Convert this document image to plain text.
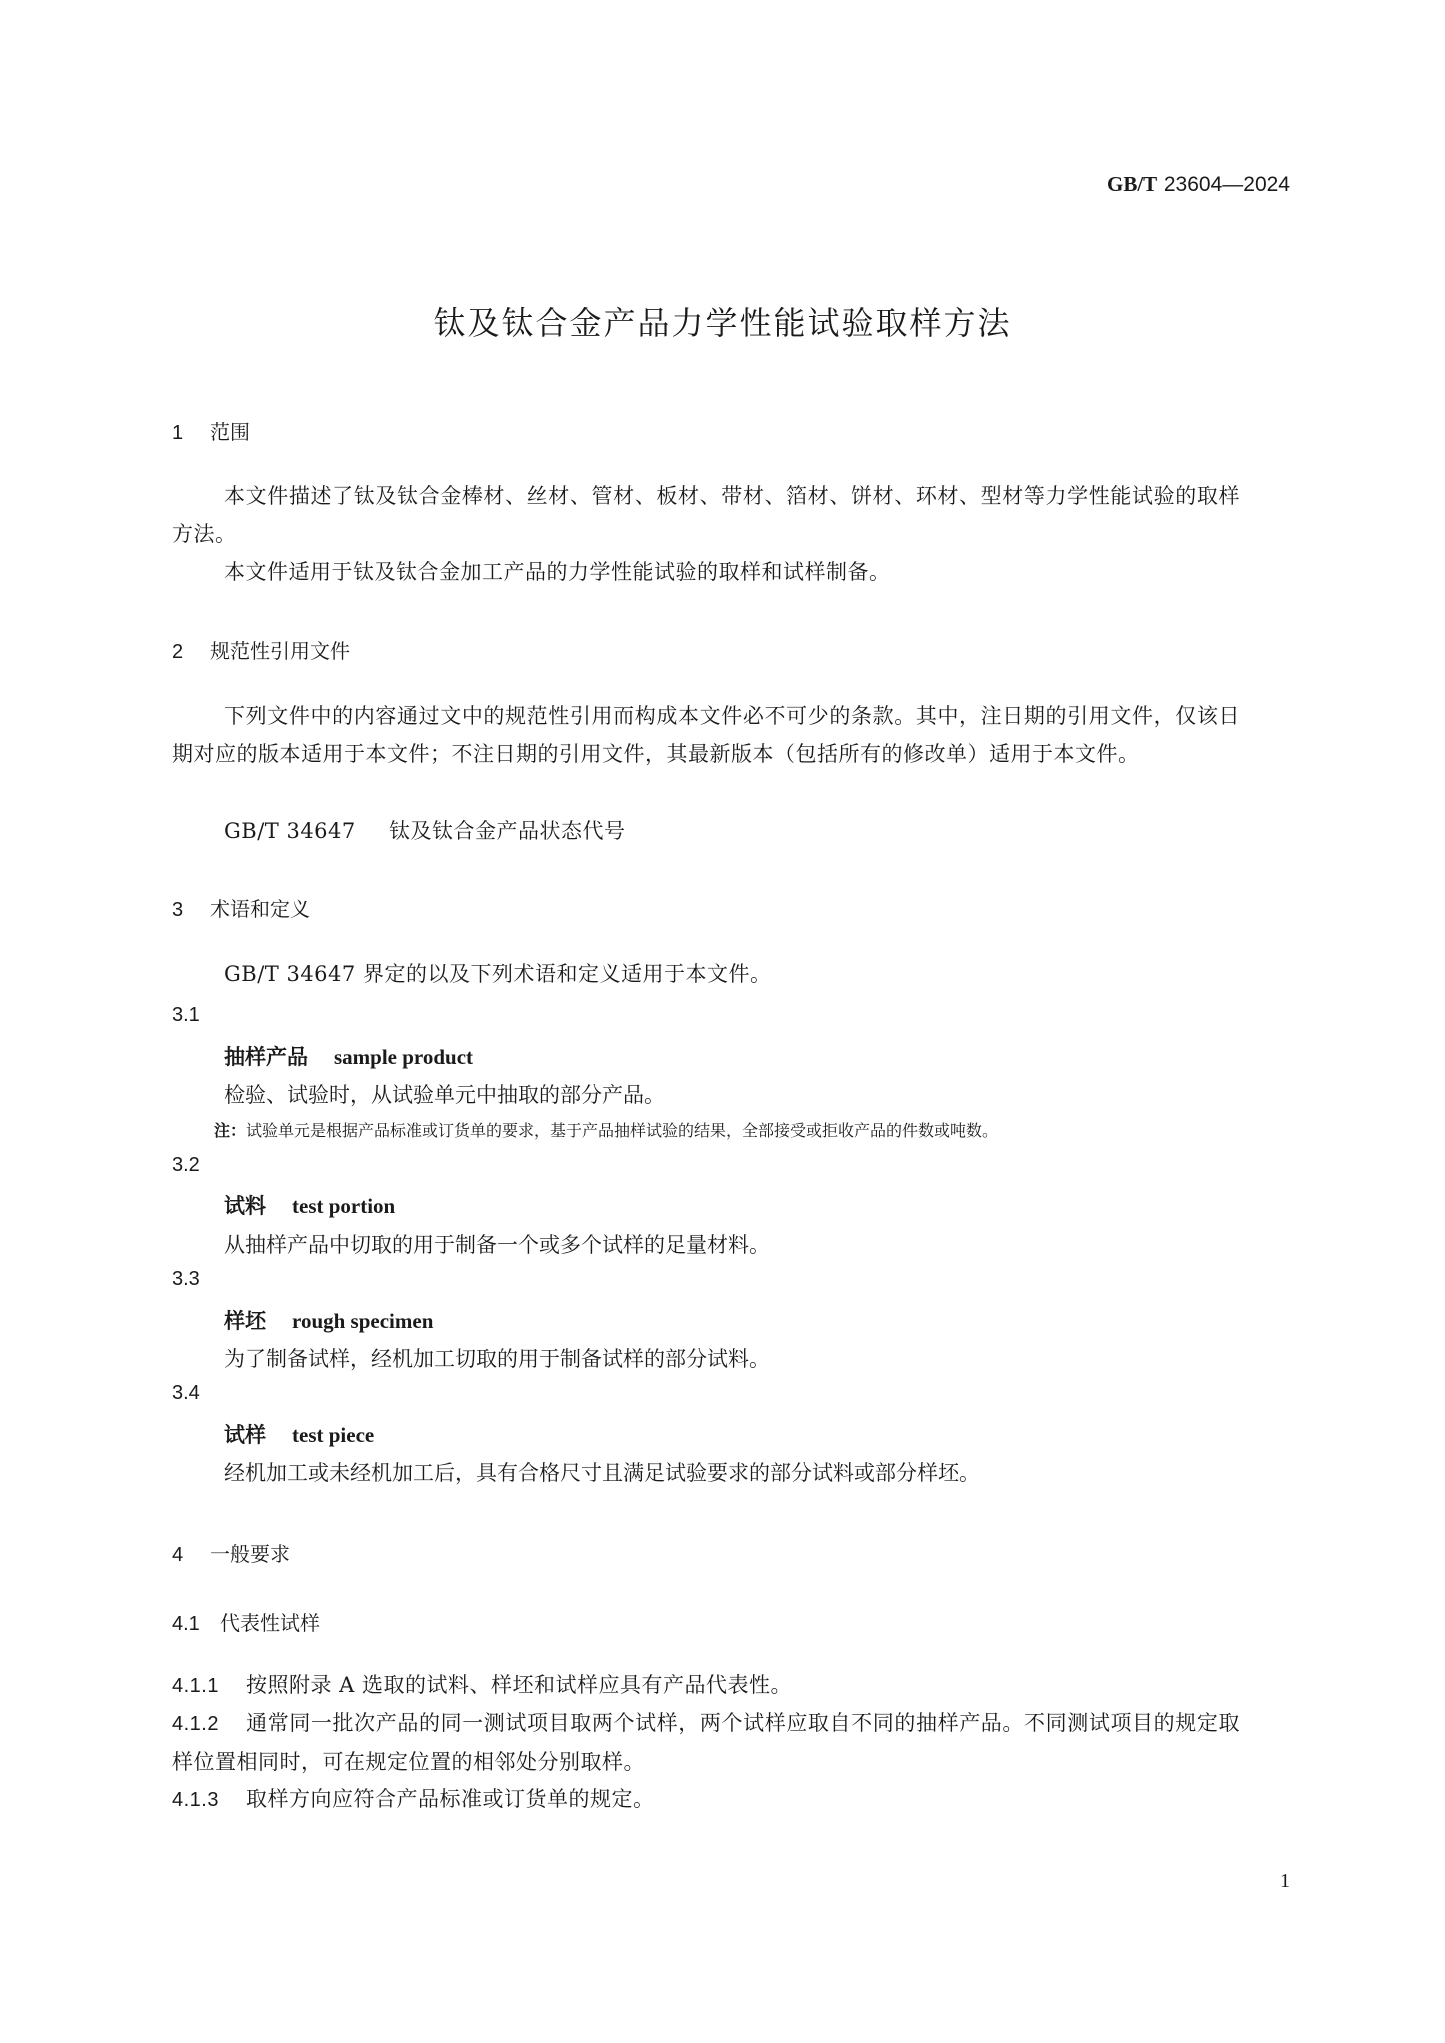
GB/T 23604—2024
钛及钛合金产品力学性能试验取样方法
1 范围
本文件描述了钛及钛合金棒材、丝材、管材、板材、带材、箔材、饼材、环材、型材等力学性能试验的取样方法。
本文件适用于钛及钛合金加工产品的力学性能试验的取样和试样制备。
2 规范性引用文件
下列文件中的内容通过文中的规范性引用而构成本文件必不可少的条款。其中，注日期的引用文件，仅该日期对应的版本适用于本文件；不注日期的引用文件，其最新版本（包括所有的修改单）适用于本文件。
GB/T 34647 钛及钛合金产品状态代号
3 术语和定义
GB/T 34647 界定的以及下列术语和定义适用于本文件。
3.1
抽样产品 sample product
检验、试验时，从试验单元中抽取的部分产品。
注：试验单元是根据产品标准或订货单的要求，基于产品抽样试验的结果，全部接受或拒收产品的件数或吨数。
3.2
试料 test portion
从抽样产品中切取的用于制备一个或多个试样的足量材料。
3.3
样坯 rough specimen
为了制备试样，经机加工切取的用于制备试样的部分试料。
3.4
试样 test piece
经机加工或未经机加工后，具有合格尺寸且满足试验要求的部分试料或部分样坯。
4 一般要求
4.1 代表性试样
4.1.1 按照附录 A 选取的试料、样坯和试样应具有产品代表性。
4.1.2 通常同一批次产品的同一测试项目取两个试样，两个试样应取自不同的抽样产品。不同测试项目的规定取样位置相同时，可在规定位置的相邻处分别取样。
4.1.3 取样方向应符合产品标准或订货单的规定。
1
